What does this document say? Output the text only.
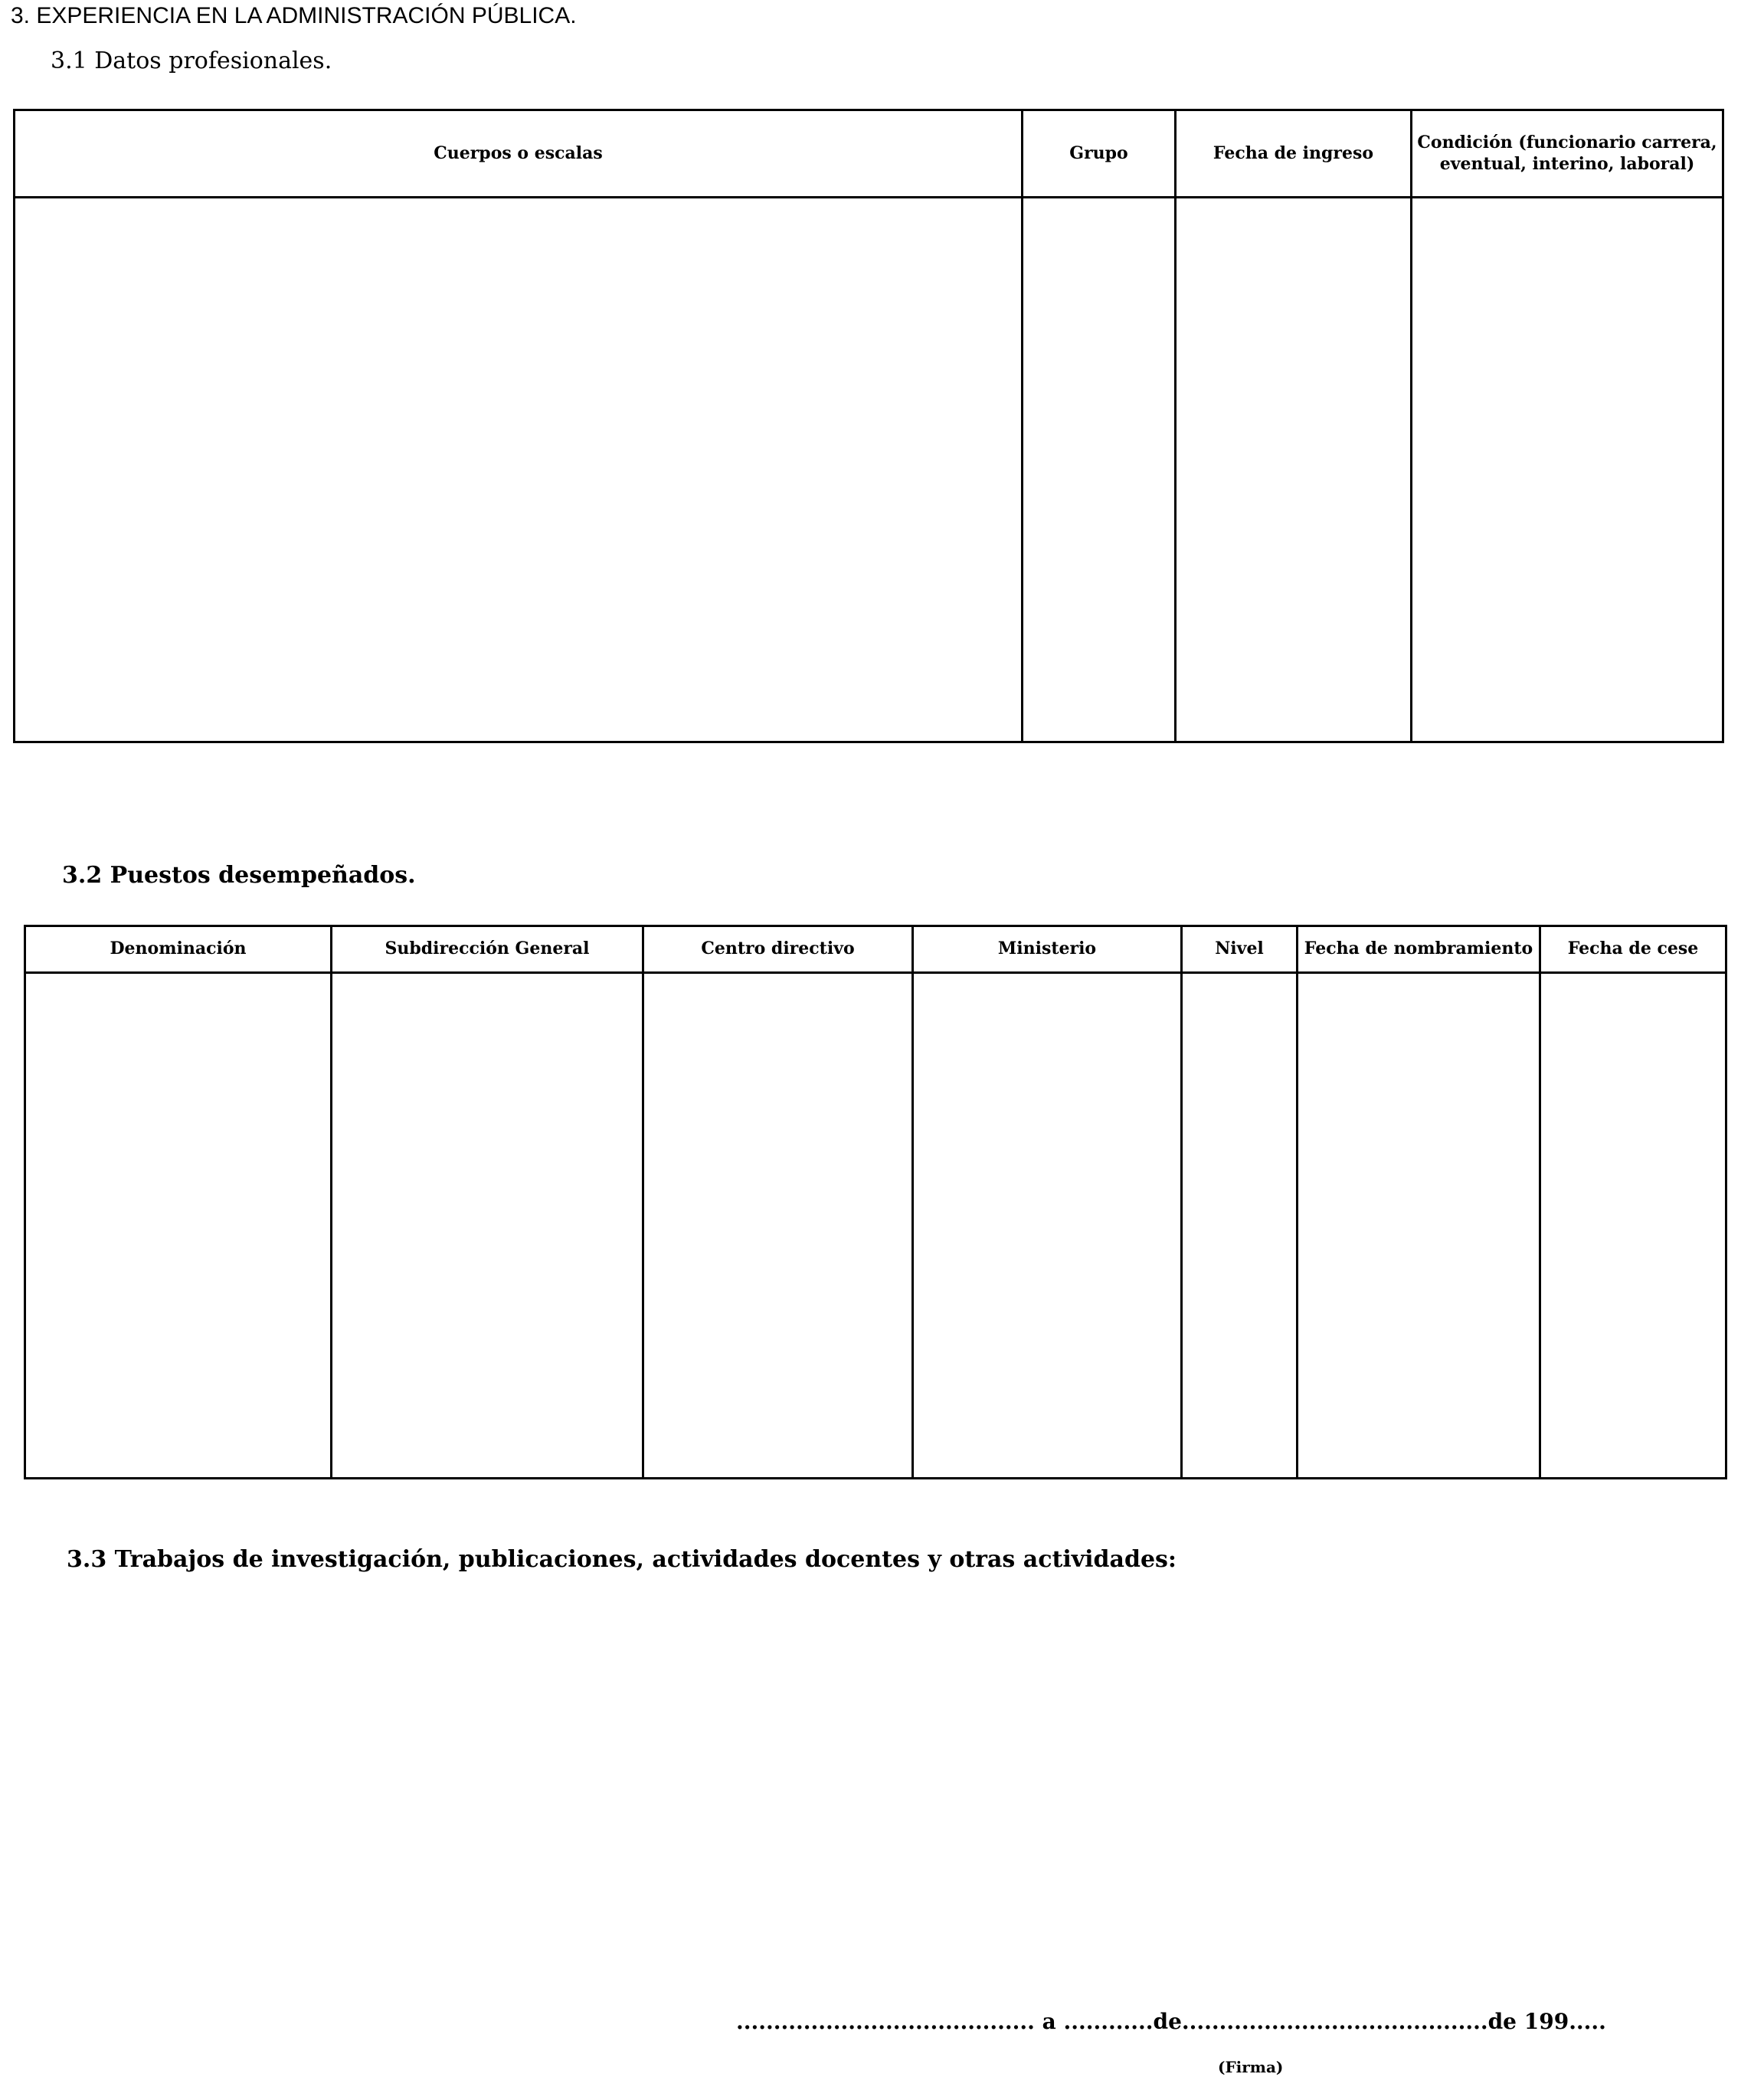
3. EXPERIENCIA EN LA ADMINISTRACIÓN PÚBLICA.
3.1 Datos profesionales.
Cuerpos o escalas	Grupo	Fecha de ingreso	Condición (funcionario carrera, eventual, interino, laboral)

3.2 Puestos desempeñados.
Denominación	Subdirección General	Centro directivo	Ministerio	Nivel	Fecha de nombramiento	Fecha de cese

3.3 Trabajos de investigación, publicaciones, actividades docentes y otras actividades:
........................................ a ............de.........................................de 199.....
(Firma)
